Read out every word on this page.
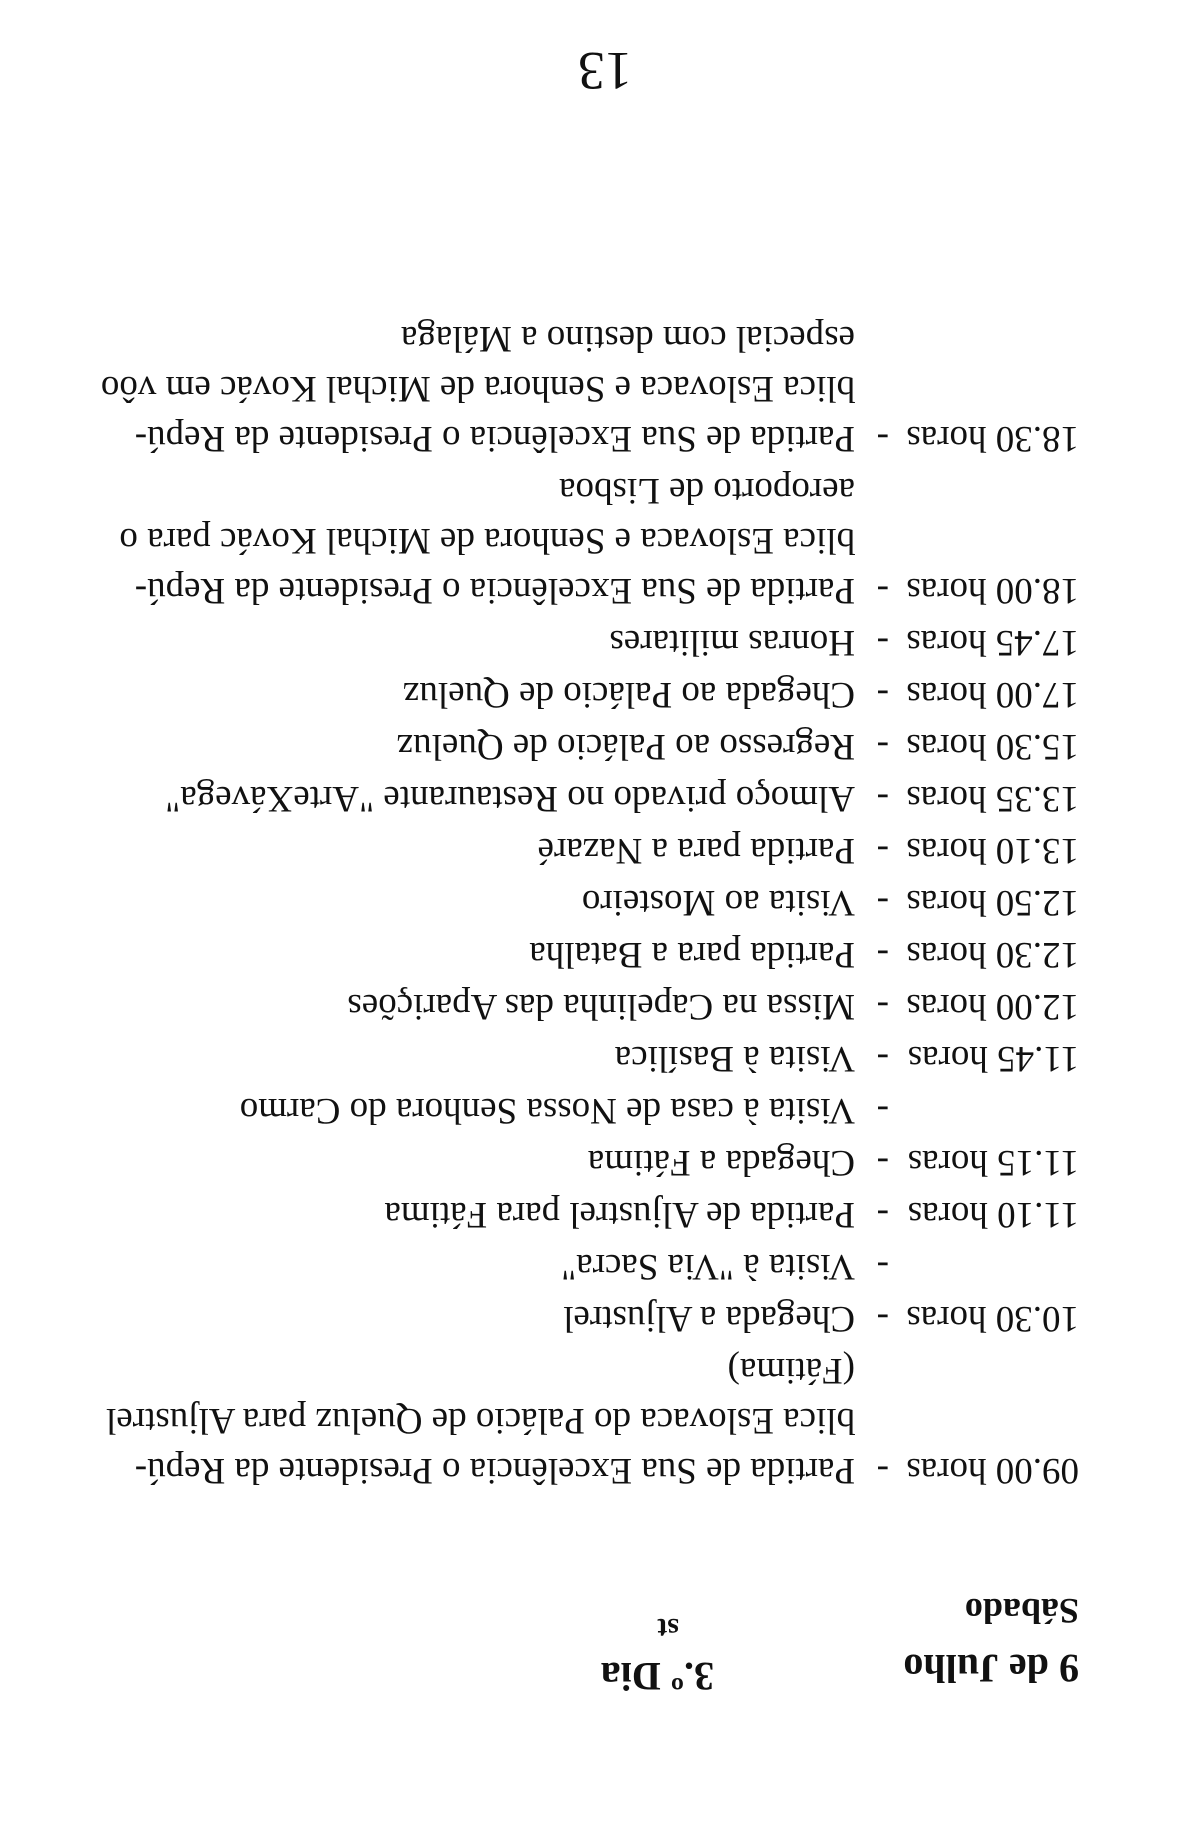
3.º Dia
st
9 de Julho
Sábado
09.00 horas
-
Partida de Sua Excelência o Presidente da Repú-
blica Eslovaca do Palácio de Queluz para Aljustrel
(Fátima)
10.30 horas
-
Chegada a Aljustrel
-
Visita à "Via Sacra"
11.10 horas
-
Partida de Aljustrel para Fátima
11.15 horas
-
Chegada a Fátima
-
Visita à casa de Nossa Senhora do Carmo
11.45 horas
-
Visita à Basílica
12.00 horas
-
Missa na Capelinha das Aparições
12.30 horas
-
Partida para a Batalha
12.50 horas
-
Visita ao Mosteiro
13.10 horas
-
Partida para a Nazaré
13.35 horas
-
Almoço privado no Restaurante "ArteXávega"
15.30 horas
-
Regresso ao Palácio de Queluz
17.00 horas
-
Chegada ao Palácio de Queluz
17.45 horas
-
Honras militares
18.00 horas
-
Partida de Sua Excelência o Presidente da Repú-
blica Eslovaca e Senhora de Michal Kovác para o
aeroporto de Lisboa
18.30 horas
-
Partida de Sua Excelência o Presidente da Repú-
blica Eslovaca e Senhora de Michal Kovác em vôo
especial com destino a Málaga
13
